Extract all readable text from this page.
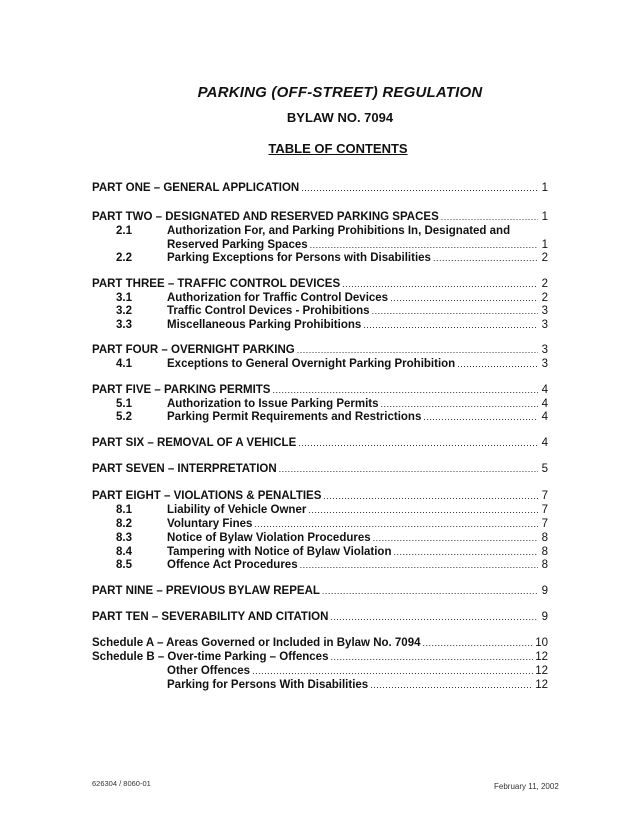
PARKING (OFF-STREET) REGULATION
BYLAW NO. 7094
TABLE OF CONTENTS
PART ONE – GENERAL APPLICATION .....	1
PART TWO – DESIGNATED AND RESERVED PARKING SPACES .....	1
2.1	Authorization For, and Parking Prohibitions In, Designated and
Reserved Parking Spaces .....	1
2.2	Parking Exceptions for Persons with Disabilities .....	2
PART THREE – TRAFFIC CONTROL DEVICES .....	2
3.1	Authorization for Traffic Control Devices .....	2
3.2	Traffic Control Devices - Prohibitions .....	3
3.3	Miscellaneous Parking Prohibitions .....	3
PART FOUR – OVERNIGHT PARKING .....	3
4.1	Exceptions to General Overnight Parking Prohibition .....	3
PART FIVE – PARKING PERMITS .....	4
5.1	Authorization to Issue Parking Permits .....	4
5.2	Parking Permit Requirements and Restrictions .....	4
PART SIX – REMOVAL OF A VEHICLE .....	4
PART SEVEN – INTERPRETATION .....	5
PART EIGHT – VIOLATIONS & PENALTIES .....	7
8.1	Liability of Vehicle Owner .....	7
8.2	Voluntary Fines .....	7
8.3	Notice of Bylaw Violation Procedures .....	8
8.4	Tampering with Notice of Bylaw Violation .....	8
8.5	Offence Act Procedures .....	8
PART NINE – PREVIOUS BYLAW REPEAL .....	9
PART TEN – SEVERABILITY AND CITATION .....	9
Schedule A – Areas Governed or Included in Bylaw No. 7094 .....	10
Schedule B – Over-time Parking – Offences .....	12
Other Offences .....	12
Parking for Persons With Disabilities .....	12
626304 / 8060-01	February 11, 2002
